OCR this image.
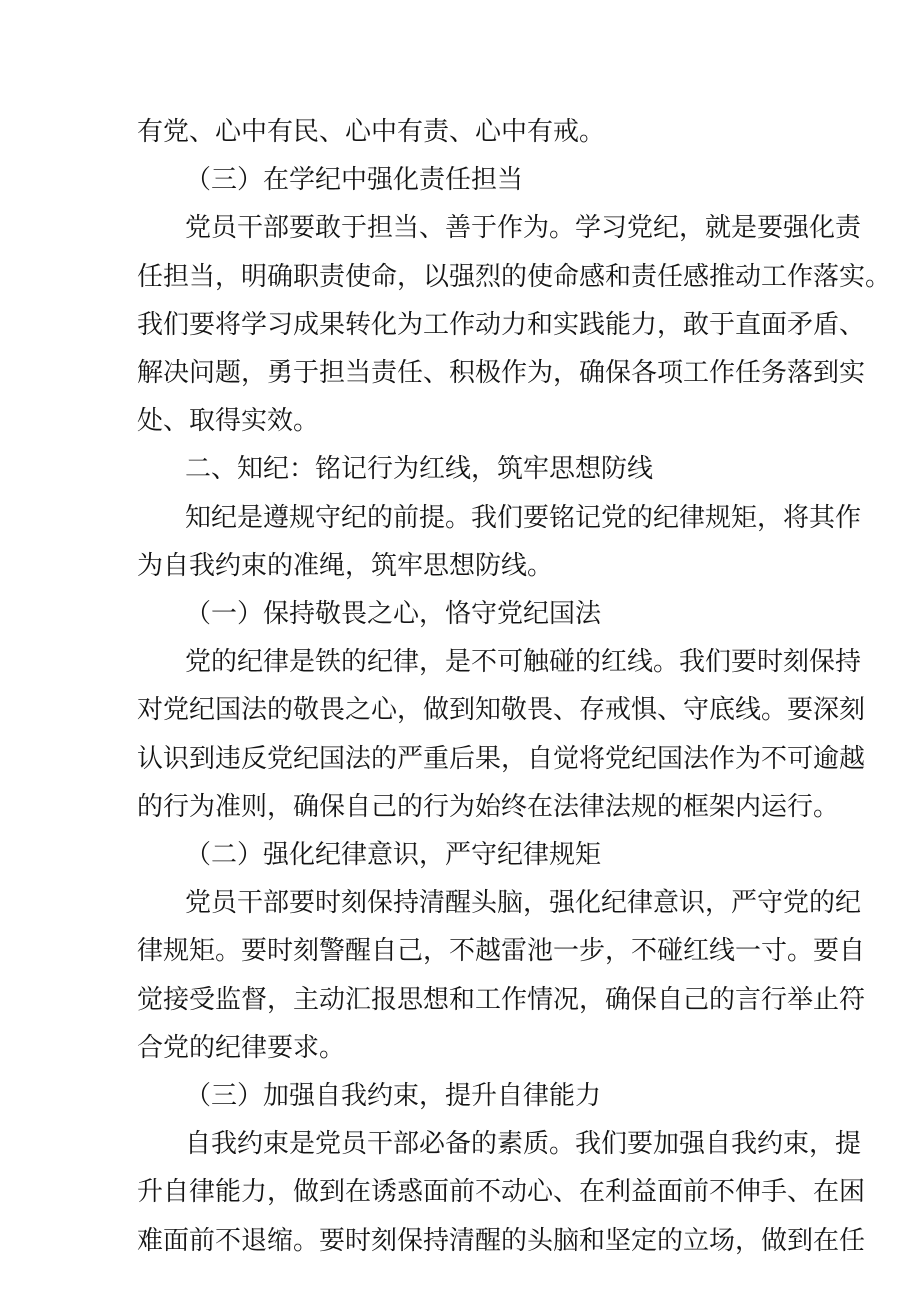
有党、心中有民、心中有责、心中有戒。
（三）在学纪中强化责任担当
党员干部要敢于担当、善于作为。学习党纪，就是要强化责
任担当，明确职责使命，以强烈的使命感和责任感推动工作落实。
我们要将学习成果转化为工作动力和实践能力，敢于直面矛盾、
解决问题，勇于担当责任、积极作为，确保各项工作任务落到实
处、取得实效。
二、知纪：铭记行为红线，筑牢思想防线
知纪是遵规守纪的前提。我们要铭记党的纪律规矩，将其作
为自我约束的准绳，筑牢思想防线。
（一）保持敬畏之心，恪守党纪国法
党的纪律是铁的纪律，是不可触碰的红线。我们要时刻保持
对党纪国法的敬畏之心，做到知敬畏、存戒惧、守底线。要深刻
认识到违反党纪国法的严重后果，自觉将党纪国法作为不可逾越
的行为准则，确保自己的行为始终在法律法规的框架内运行。
（二）强化纪律意识，严守纪律规矩
党员干部要时刻保持清醒头脑，强化纪律意识，严守党的纪
律规矩。要时刻警醒自己，不越雷池一步，不碰红线一寸。要自
觉接受监督，主动汇报思想和工作情况，确保自己的言行举止符
合党的纪律要求。
（三）加强自我约束，提升自律能力
自我约束是党员干部必备的素质。我们要加强自我约束，提
升自律能力，做到在诱惑面前不动心、在利益面前不伸手、在困
难面前不退缩。要时刻保持清醒的头脑和坚定的立场，做到在任
